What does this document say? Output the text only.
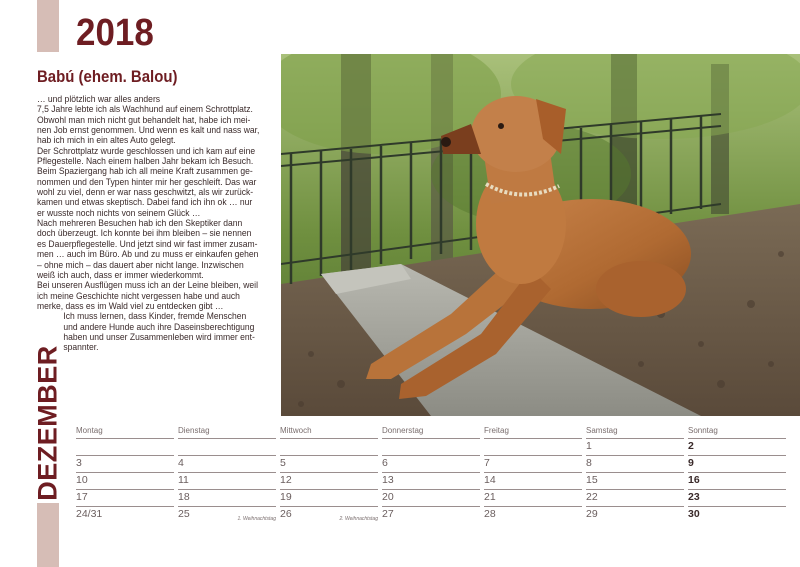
2018
Babú (ehem. Balou)
… und plötzlich war alles anders
7,5 Jahre lebte ich als Wachhund auf einem Schrottplatz.
Obwohl man mich nicht gut behandelt hat, habe ich mei-
nen Job ernst genommen. Und wenn es kalt und nass war,
hab ich mich in ein altes Auto gelegt.
Der Schrottplatz wurde geschlossen und ich kam auf eine
Pflegestelle. Nach einem halben Jahr bekam ich Besuch.
Beim Spaziergang hab ich all meine Kraft zusammen ge-
nommen und den Typen hinter mir her geschleift. Das war
wohl zu viel, denn er war nass geschwitzt, als wir zurück-
kamen und etwas skeptisch. Dabei fand ich ihn ok … nur
er wusste noch nichts von seinem Glück …
Nach mehreren Besuchen hab ich den Skeptiker dann
doch überzeugt. Ich konnte bei ihm bleiben – sie nennen
es Dauerpflegestelle. Und jetzt sind wir fast immer zusam-
men … auch im Büro. Ab und zu muss er einkaufen gehen
– ohne mich – das dauert aber nicht lange. Inzwischen
weiß ich auch, dass er immer wiederkommt.
Bei unseren Ausflügen muss ich an der Leine bleiben, weil
ich meine Geschichte nicht vergessen habe und auch
merke, dass es im Wald viel zu entdecken gibt …
Ich muss lernen, dass Kinder, fremde Menschen
und andere Hunde auch ihre Daseinsberechtigung
haben und unser Zusammenleben wird immer ent-
spannter.
DEZEMBER Montag
3
10
17
24/31
Dienstag
4
11
18
25	1. Weihnachtstag
Mittwoch
5
12
19
26	2. Weihnachtstag
Donnerstag
6
13
20
27
Freitag
7
14
21
28
Samstag
1
8
15
22
29
Sonntag
2
9
16
23
30
